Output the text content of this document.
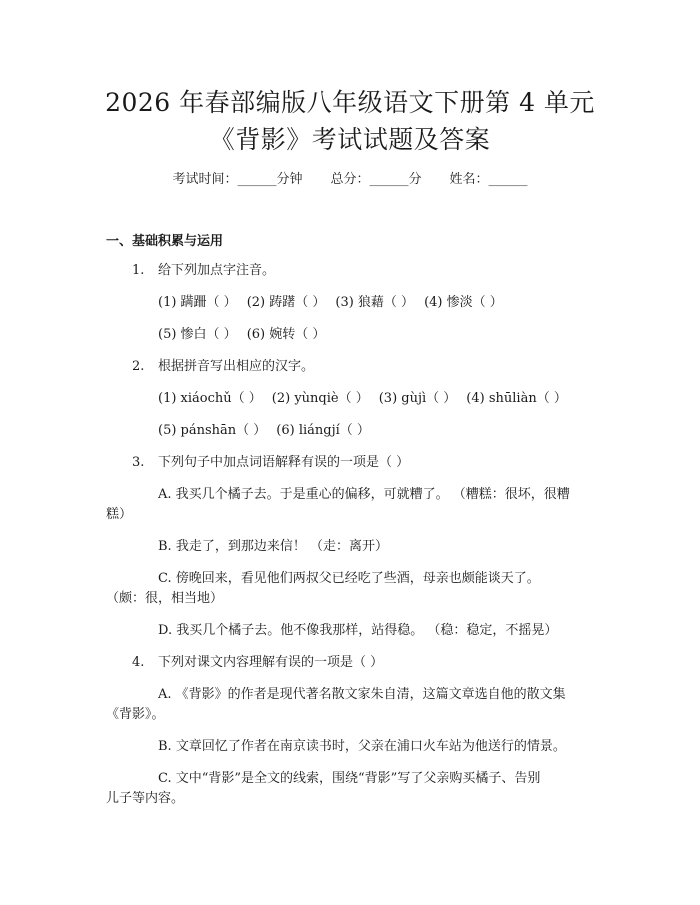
2026 年春部编版八年级语文下册第 4 单元
《背影》考试试题及答案
考试时间：______分钟 总分：______分 姓名：______
一、基础积累与运用
1. 给下列加点字注音。
(1) 蹒跚（ ） (2) 踌躇（ ） (3) 狼藉（ ） (4) 惨淡（ ）
(5) 惨白（ ） (6) 婉转（ ）
2. 根据拼音写出相应的汉字。
(1) xiáochǔ（ ） (2) yùnqiè（ ） (3) gùjì（ ） (4) shūliàn（ ）
(5) pánshān（ ） (6) liángjí（ ）
3. 下列句子中加点词语解释有误的一项是（ ）
A. 我买几个橘子去。于是重心的偏移，可就糟了。 （糟糕：很坏，很糟
糕）
B. 我走了，到那边来信！ （走：离开）
C. 傍晚回来，看见他们两叔父已经吃了些酒，母亲也颇能谈天了。
（颇：很，相当地）
D. 我买几个橘子去。他不像我那样，站得稳。 （稳：稳定，不摇晃）
4. 下列对课文内容理解有误的一项是（ ）
A. 《背影》的作者是现代著名散文家朱自清，这篇文章选自他的散文集
《背影》。
B. 文章回忆了作者在南京读书时，父亲在浦口火车站为他送行的情景。
C. 文中“背影”是全文的线索，围绕“背影”写了父亲购买橘子、告别
儿子等内容。
